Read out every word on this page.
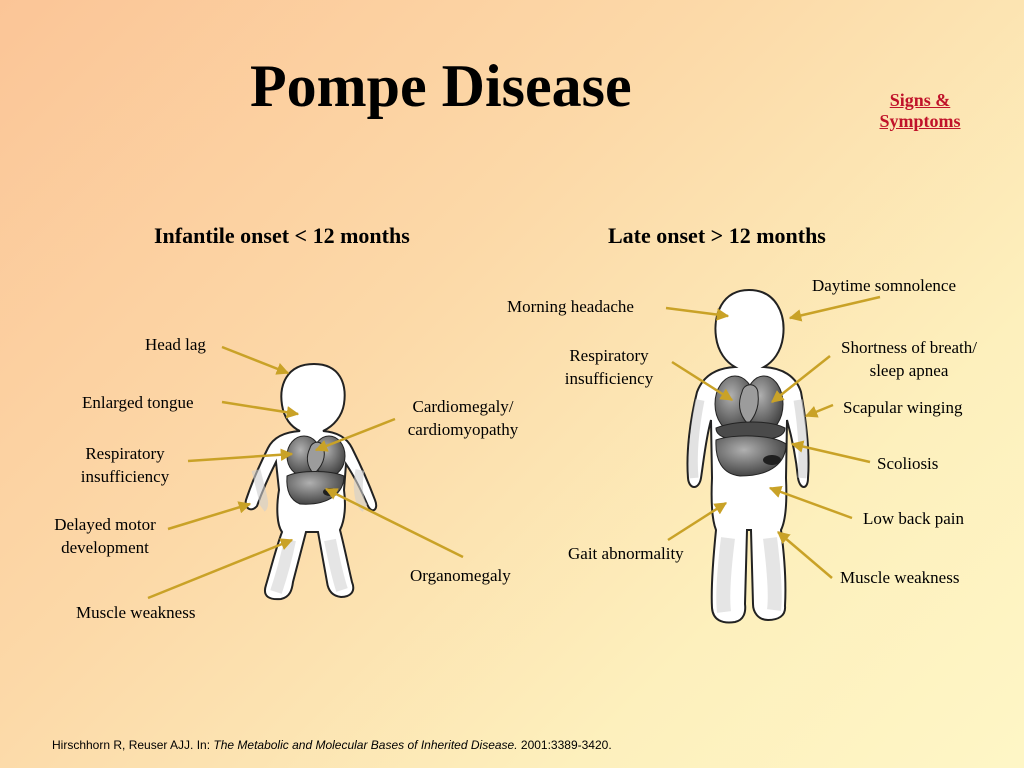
Pompe Disease	Signs & Symptoms
Infantile onset < 12 months	Late onset > 12 months
Head lag
Enlarged tongue
Respiratory insufficiency
Delayed motor development
Muscle weakness
Cardiomegaly/ cardiomyopathy
Organomegaly
Morning headache
Respiratory insufficiency
Gait abnormality
Daytime somnolence
Shortness of breath/ sleep apnea
Scapular winging
Scoliosis
Low back pain
Muscle weakness
Hirschhorn R, Reuser AJJ. In: The Metabolic and Molecular Bases of Inherited Disease. 2001:3389-3420.
